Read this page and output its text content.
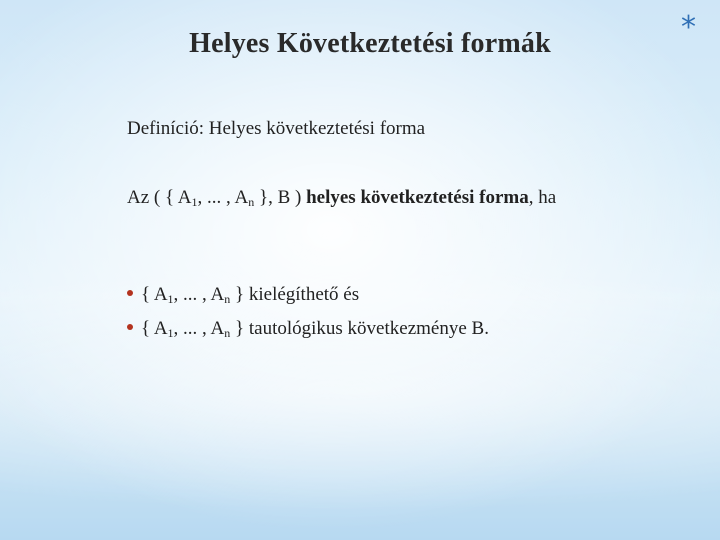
*
Helyes Következtetési formák
Definíció: Helyes következtetési forma
Az ( { $A_1$, ... , $A_n$ }, B ) helyes következtetési forma, ha
{ $A_1$, ... , $A_n$ } kielégíthető és
{ $A_1$, ... , $A_n$ } tautológikus következménye B.
